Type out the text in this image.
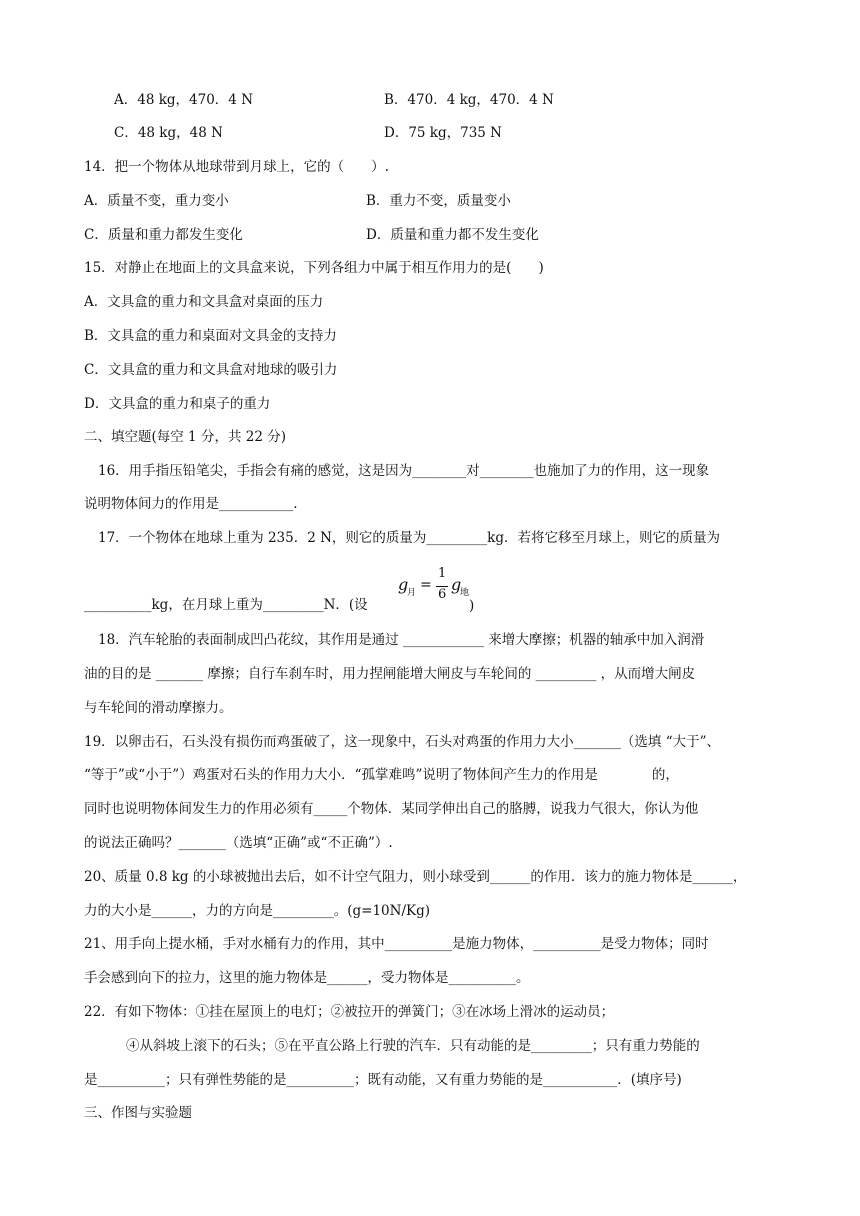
A．48 kg，470．4 N	B．470．4 kg，470．4 N
C．48 kg，48 N	D．75 kg，735 N
14．把一个物体从地球带到月球上，它的（　　）.
A．质量不变，重力变小	B．重力不变，质量变小
C．质量和重力都发生变化	D．质量和重力都不发生变化
15．对静止在地面上的文具盒来说，下列各组力中属于相互作用力的是(　　)
A．文具盒的重力和文具盒对桌面的压力
B．文具盒的重力和桌面对文具金的支持力
C．文具盒的重力和文具盒对地球的吸引力
D．文具盒的重力和桌子的重力
二、填空题(每空 1 分，共 22 分)
16．用手指压铅笔尖，手指会有痛的感觉，这是因为________对________也施加了力的作用，这一现象
说明物体间力的作用是___________.
17．一个物体在地球上重为 235．2 N，则它的质量为_________kg．若将它移至月球上，则它的质量为
__________kg，在月球上重为_________N．(设
g
月 =
1
6
g
地
)
18．汽车轮胎的表面制成凹凸花纹，其作用是通过 ____________ 来增大摩擦；机器的轴承中加入润滑
油的目的是 _______ 摩擦；自行车刹车时，用力捏闸能增大闸皮与车轮间的 _________ ，从而增大闸皮
与车轮间的滑动摩擦力。
19．以卵击石，石头没有损伤而鸡蛋破了，这一现象中，石头对鸡蛋的作用力大小_______（选填 “大于”、
“等于”或“小于”）鸡蛋对石头的作用力大小．“孤掌难鸣”说明了物体间产生力的作用是　　　　的，
同时也说明物体间发生力的作用必须有_____个物体．某同学伸出自己的胳膊，说我力气很大，你认为他
的说法正确吗？_______（选填“正确”或“不正确”）.
20、质量 0.8 kg 的小球被抛出去后，如不计空气阻力，则小球受到______的作用．该力的施力物体是______，
力的大小是______，力的方向是_________。(g=10N/Kg)
21、用手向上提水桶，手对水桶有力的作用，其中__________是施力物体，__________是受力物体；同时
手会感到向下的拉力，这里的施力物体是______，受力物体是__________。
22．有如下物体：①挂在屋顶上的电灯；②被拉开的弹簧门；③在冰场上滑冰的运动员；
④从斜坡上滚下的石头；⑤在平直公路上行驶的汽车．只有动能的是_________；只有重力势能的
是__________；只有弹性势能的是__________；既有动能，又有重力势能的是___________．(填序号)
三、作图与实验题
